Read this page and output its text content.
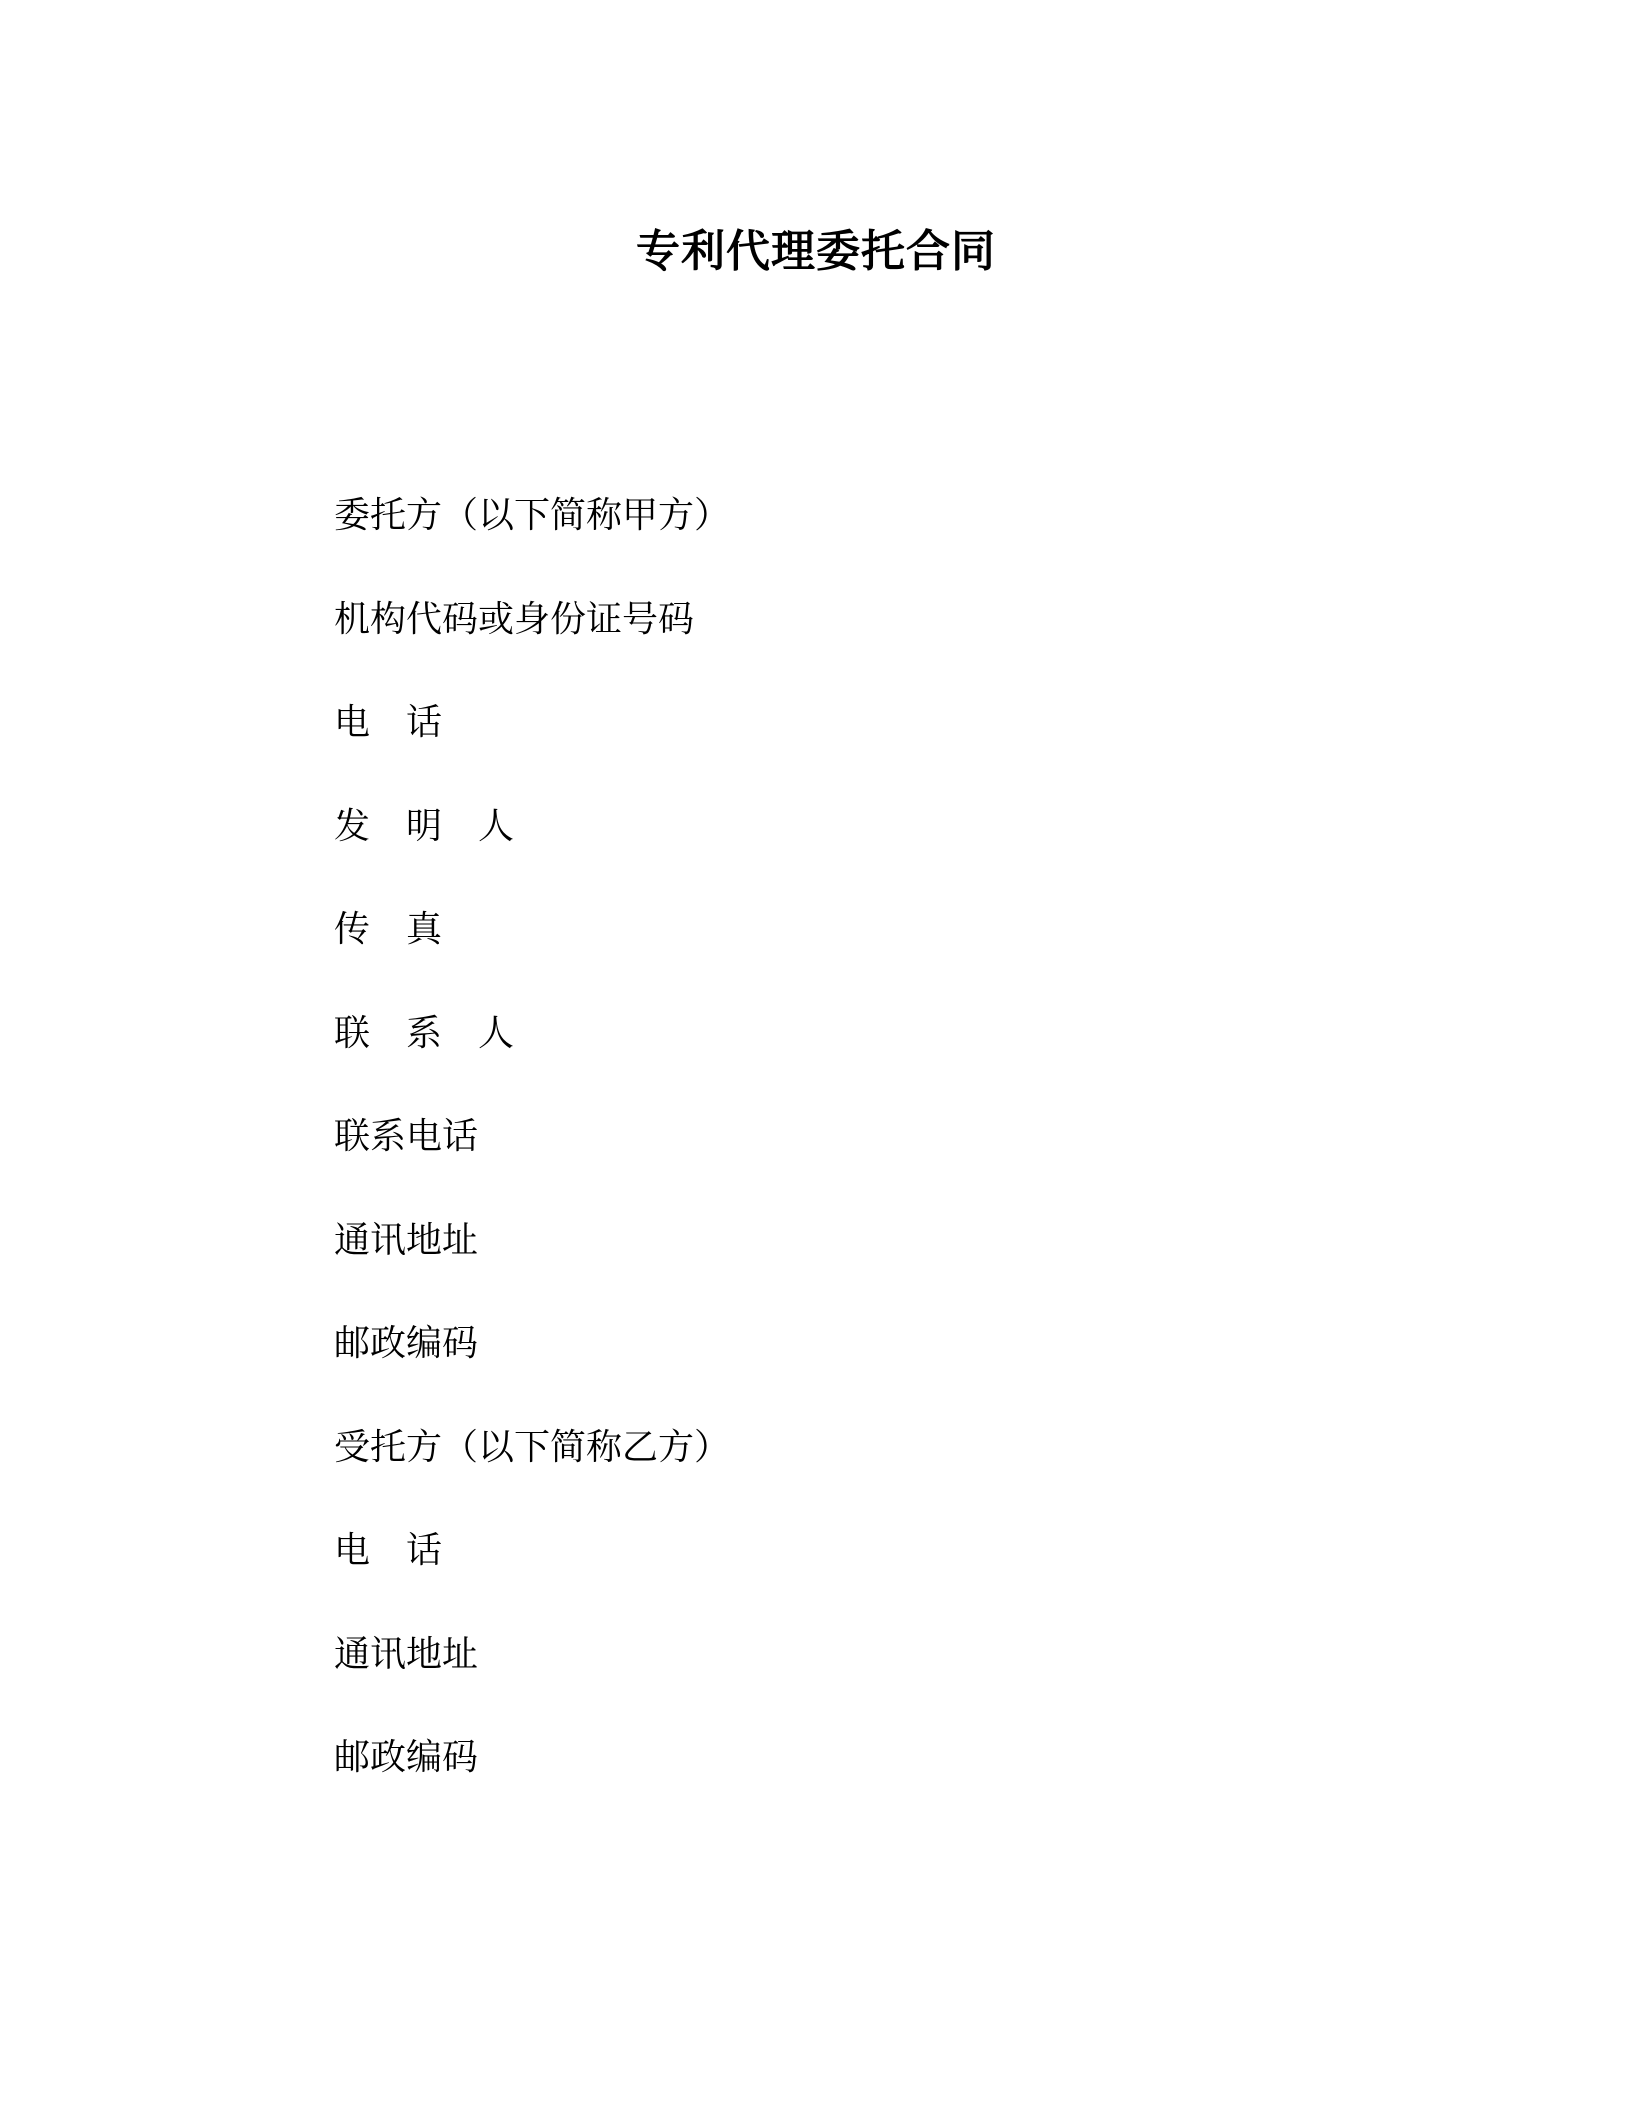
专利代理委托合同
委托方（以下简称甲方）
机构代码或身份证号码
电　话
发　明　人
传　真
联　系　人
联系电话
通讯地址
邮政编码
受托方（以下简称乙方）
电　话
通讯地址
邮政编码
